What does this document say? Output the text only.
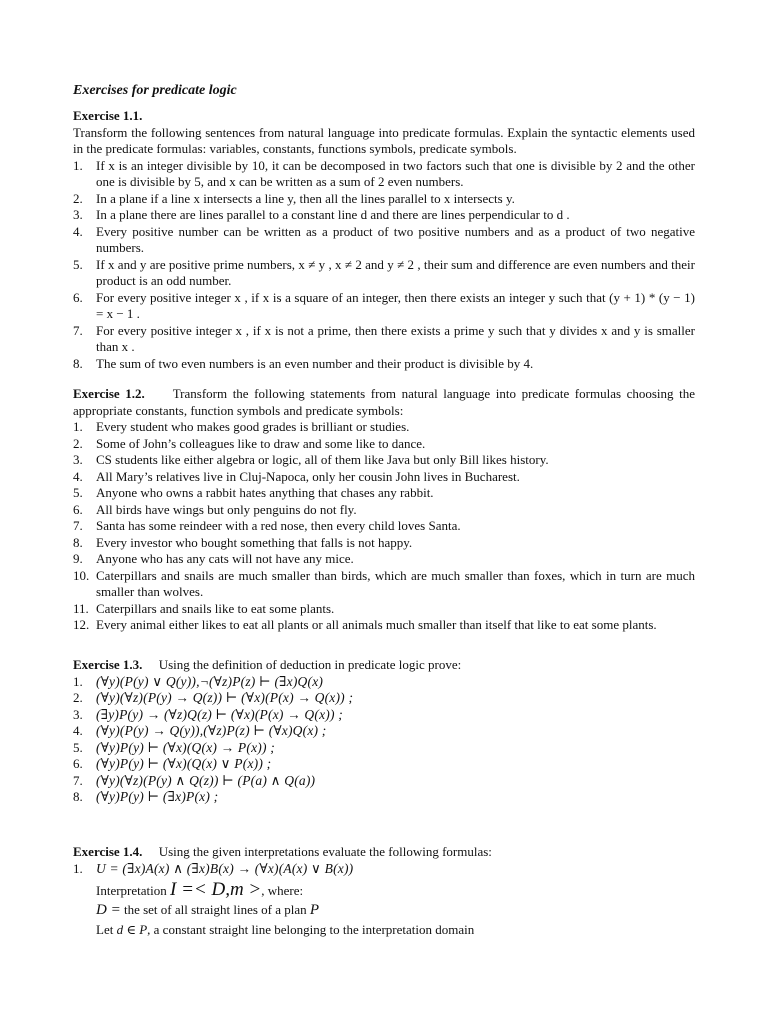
Exercises for predicate logic
Exercise 1.1.

Transform the following sentences from natural language into predicate formulas. Explain the syntactic elements used in the predicate formulas: variables, constants, functions symbols, predicate symbols.

1. If x is an integer divisible by 10, it can be decomposed in two factors such that one is divisible by 2 and the other one is divisible by 5, and x can be written as a sum of 2 even numbers.
2. In a plane if a line x intersects a line y, then all the lines parallel to x intersects y.
3. In a plane there are lines parallel to a constant line d and there are lines perpendicular to d .
4. Every positive number can be written as a product of two positive numbers and as a product of two negative numbers.
5. If x and y are positive prime numbers, x ≠ y , x ≠ 2 and y ≠ 2 , their sum and difference are even numbers and their product is an odd number.
6. For every positive integer x , if x is a square of an integer, then there exists an integer y such that (y + 1) * (y − 1) = x − 1 .
7. For every positive integer x , if x is not a prime, then there exists a prime y such that y divides x and y is smaller than x .
8. The sum of two even numbers is an even number and their product is divisible by 4.

Exercise 1.2. Transform the following statements from natural language into predicate formulas choosing the appropriate constants, function symbols and predicate symbols:

1. Every student who makes good grades is brilliant or studies.
2. Some of John’s colleagues like to draw and some like to dance.
3. CS students like either algebra or logic, all of them like Java but only Bill likes history.
4. All Mary’s relatives live in Cluj-Napoca, only her cousin John lives in Bucharest.
5. Anyone who owns a rabbit hates anything that chases any rabbit.
6. All birds have wings but only penguins do not fly.
7. Santa has some reindeer with a red nose, then every child loves Santa.
8. Every investor who bought something that falls is not happy.
9. Anyone who has any cats will not have any mice.
10. Caterpillars and snails are much smaller than birds, which are much smaller than foxes, which in turn are much smaller than wolves.
11. Caterpillars and snails like to eat some plants.
12. Every animal either likes to eat all plants or all animals much smaller than itself that like to eat some plants.

Exercise 1.3. Using the definition of deduction in predicate logic prove:

1. (∀y)(P(y) ∨ Q(y)),¬(∀z)P(z) ⊢ (∃x)Q(x)
2. (∀y)(∀z)(P(y) → Q(z)) ⊢ (∀x)(P(x) → Q(x)) ;
3. (∃y)P(y) → (∀z)Q(z) ⊢ (∀x)(P(x) → Q(x)) ;
4. (∀y)(P(y) → Q(y)),(∀z)P(z) ⊢ (∀x)Q(x) ;
5. (∀y)P(y) ⊢ (∀x)(Q(x) → P(x)) ;
6. (∀y)P(y) ⊢ (∀x)(Q(x) ∨ P(x)) ;
7. (∀y)(∀z)(P(y) ∧ Q(z)) ⊢ (P(a) ∧ Q(a))
8. (∀y)P(y) ⊢ (∃x)P(x) ;

Exercise 1.4. Using the given interpretations evaluate the following formulas:

1. U = (∃x)A(x) ∧ (∃x)B(x) → (∀x)(A(x) ∨ B(x))
Interpretation I =< D,m >, where:
D = the set of all straight lines of a plan P
Let d ∈ P, a constant straight line belonging to the interpretation domain
